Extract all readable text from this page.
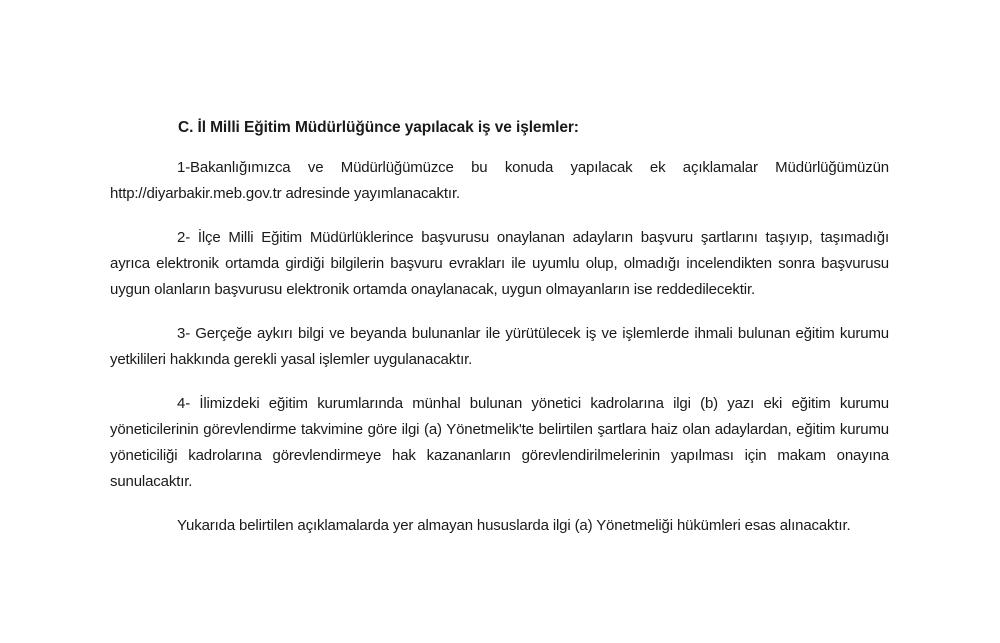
C. İl Milli Eğitim Müdürlüğünce yapılacak iş ve işlemler:

1-Bakanlığımızca ve Müdürlüğümüzce bu konuda yapılacak ek açıklamalar Müdürlüğümüzün http://diyarbakir.meb.gov.tr adresinde yayımlanacaktır.

2- İlçe Milli Eğitim Müdürlüklerince başvurusu onaylanan adayların başvuru şartlarını taşıyıp, taşımadığı ayrıca elektronik ortamda girdiği bilgilerin başvuru evrakları ile uyumlu olup, olmadığı incelendikten sonra başvurusu uygun olanların başvurusu elektronik ortamda onaylanacak, uygun olmayanların ise reddedilecektir.

3- Gerçeğe aykırı bilgi ve beyanda bulunanlar ile yürütülecek iş ve işlemlerde ihmali bulunan eğitim kurumu yetkilileri hakkında gerekli yasal işlemler uygulanacaktır.

4- İlimizdeki eğitim kurumlarında münhal bulunan yönetici kadrolarına ilgi (b) yazı eki eğitim kurumu yöneticilerinin görevlendirme takvimine göre ilgi (a) Yönetmelik'te belirtilen şartlara haiz olan adaylardan, eğitim kurumu yöneticiliği kadrolarına görevlendirmeye hak kazananların görevlendirilmelerinin yapılması için makam onayına sunulacaktır.

Yukarıda belirtilen açıklamalarda yer almayan hususlarda ilgi (a) Yönetmeliği hükümleri esas alınacaktır.
